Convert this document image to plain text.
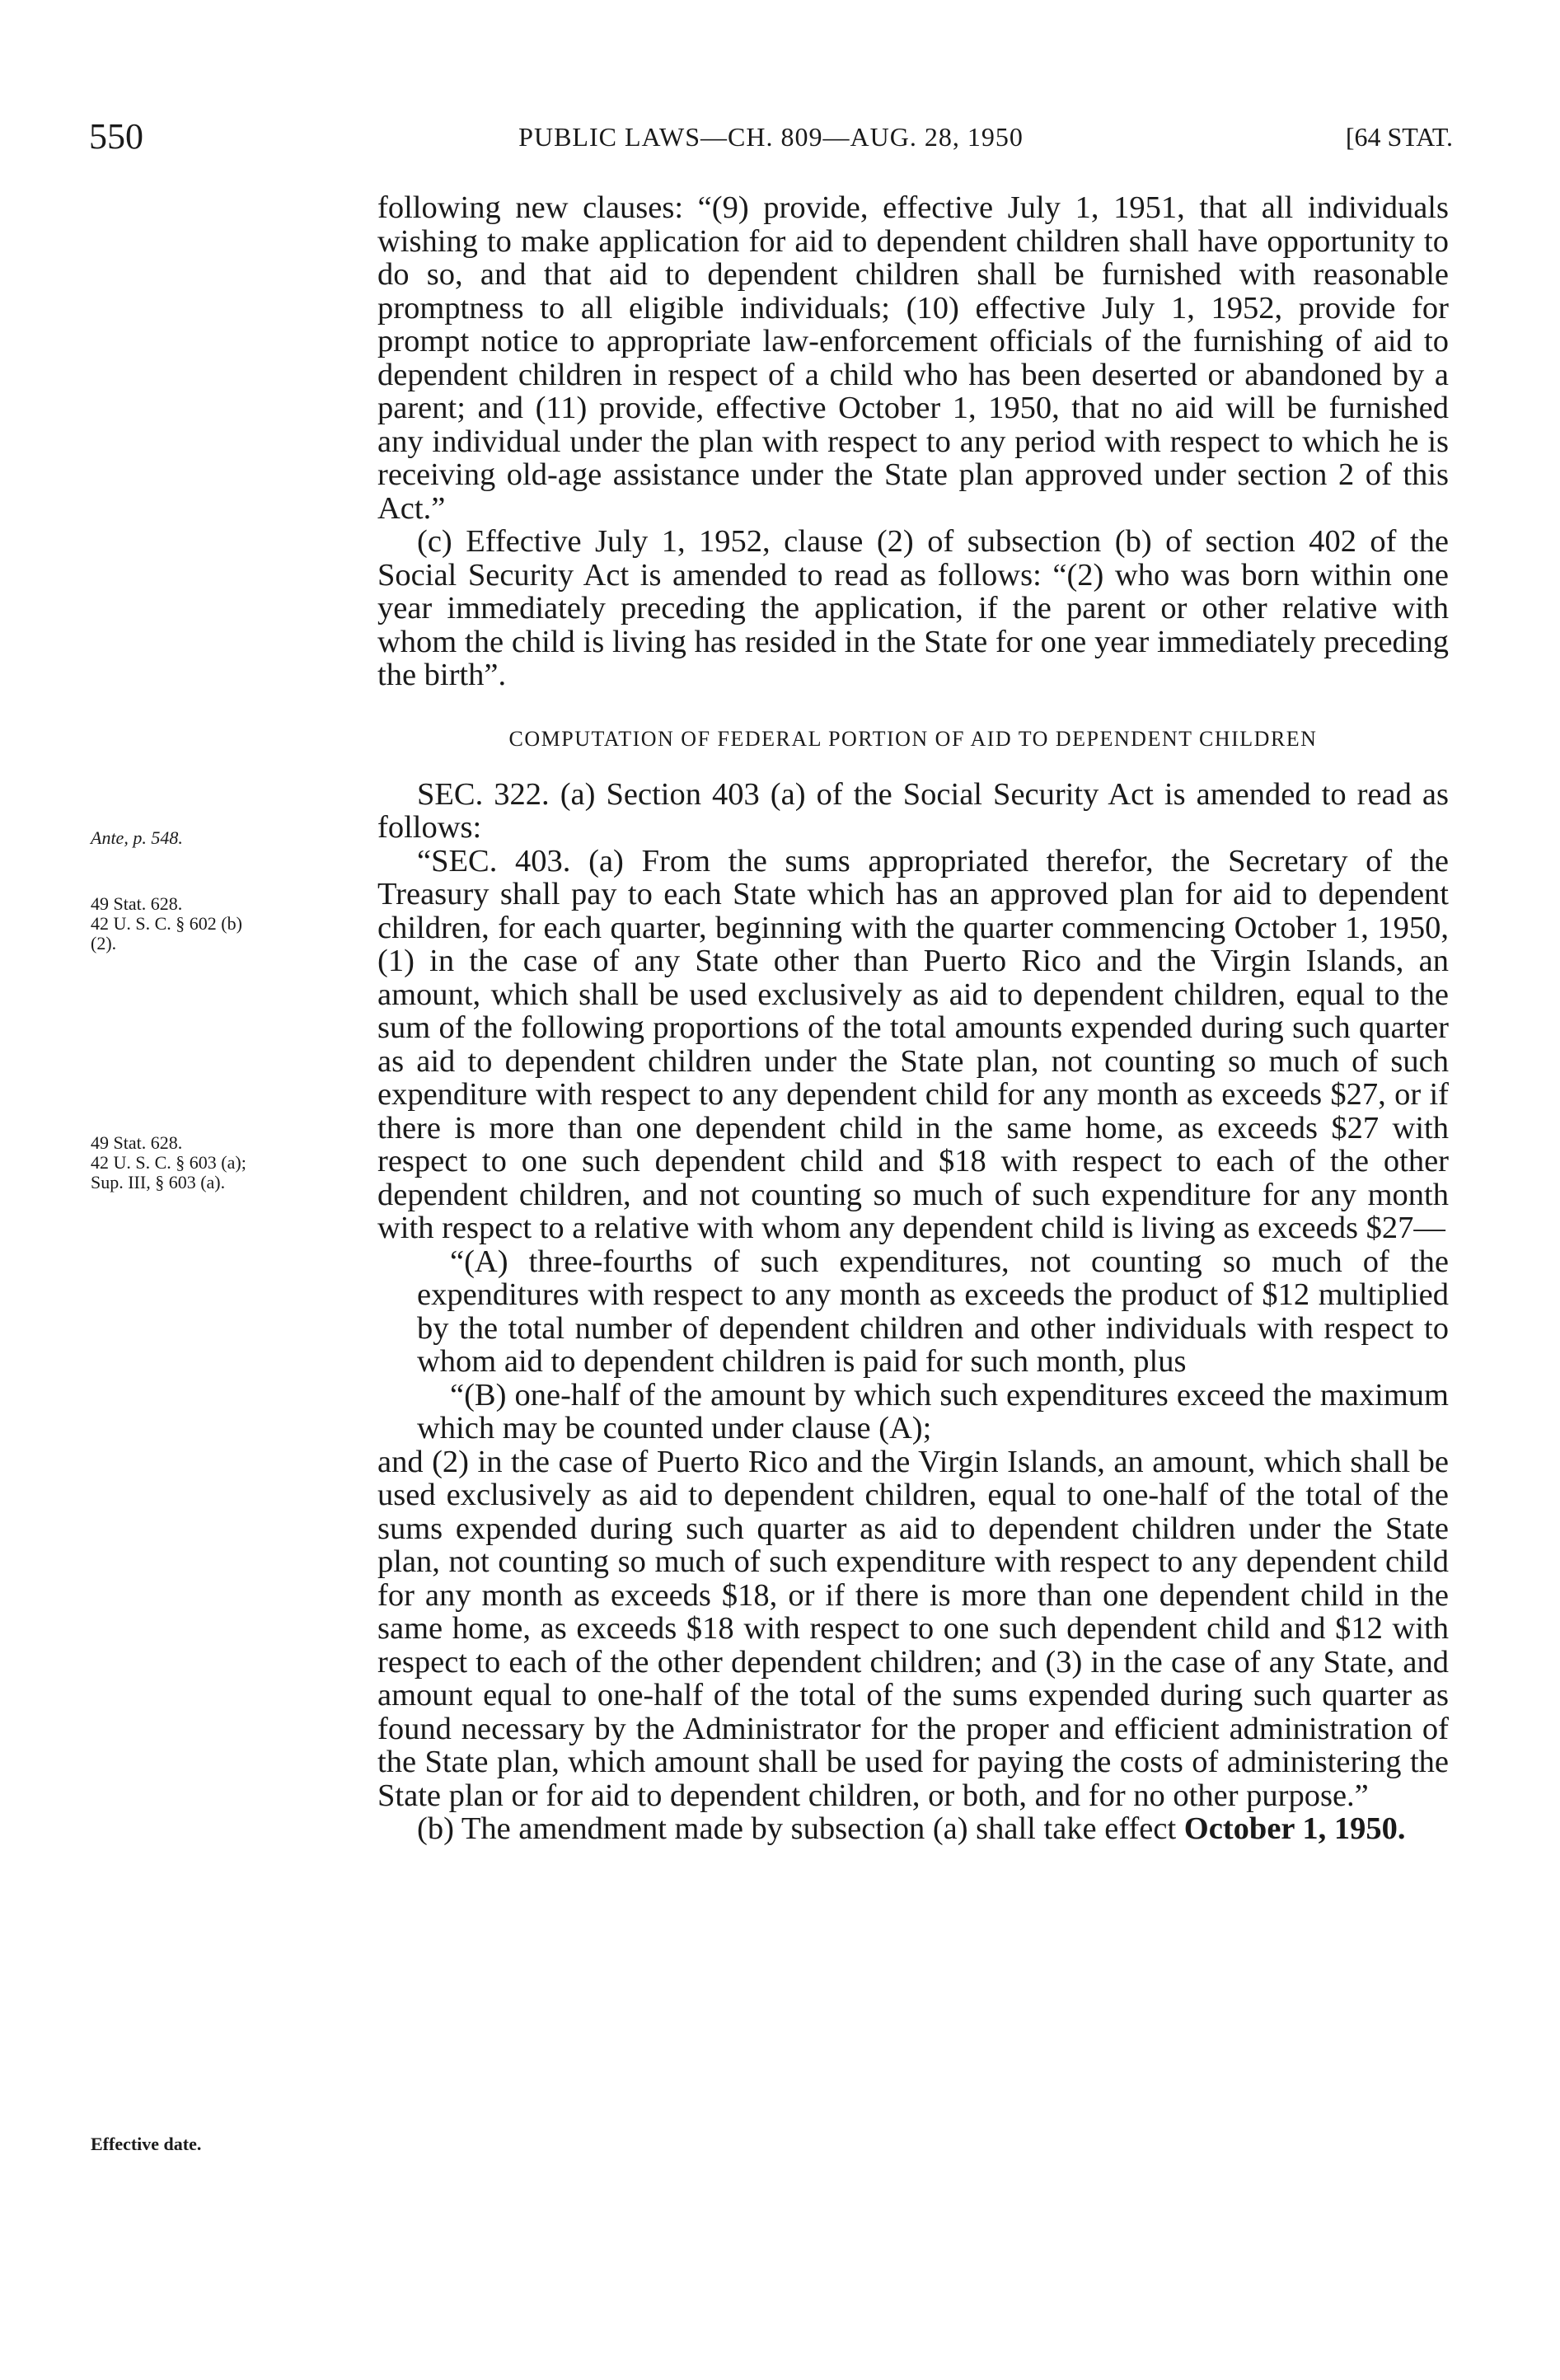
550	PUBLIC LAWS—CH. 809—AUG. 28, 1950	[64 STAT.
Ante, p. 548.
49 Stat. 628.
42 U. S. C. § 602 (b)
(2).
49 Stat. 628.
42 U. S. C. § 603 (a);
Sup. III, § 603 (a).
Effective date.

following new clauses: “(9) provide, effective July 1, 1951, that all individuals wishing to make application for aid to dependent children shall have opportunity to do so, and that aid to dependent children shall be furnished with reasonable promptness to all eligible individuals; (10) effective July 1, 1952, provide for prompt notice to appropriate law-enforcement officials of the furnishing of aid to dependent children in respect of a child who has been deserted or abandoned by a parent; and (11) provide, effective October 1, 1950, that no aid will be furnished any individual under the plan with respect to any period with respect to which he is receiving old-age assistance under the State plan approved under section 2 of this Act.”

(c) Effective July 1, 1952, clause (2) of subsection (b) of section 402 of the Social Security Act is amended to read as follows: “(2) who was born within one year immediately preceding the application, if the parent or other relative with whom the child is living has resided in the State for one year immediately preceding the birth”.

COMPUTATION OF FEDERAL PORTION OF AID TO DEPENDENT CHILDREN

SEC. 322. (a) Section 403 (a) of the Social Security Act is amended to read as follows:

“SEC. 403. (a) From the sums appropriated therefor, the Secretary of the Treasury shall pay to each State which has an approved plan for aid to dependent children, for each quarter, beginning with the quarter commencing October 1, 1950, (1) in the case of any State other than Puerto Rico and the Virgin Islands, an amount, which shall be used exclusively as aid to dependent children, equal to the sum of the following proportions of the total amounts expended during such quarter as aid to dependent children under the State plan, not counting so much of such expenditure with respect to any dependent child for any month as exceeds $27, or if there is more than one dependent child in the same home, as exceeds $27 with respect to one such dependent child and $18 with respect to each of the other dependent children, and not counting so much of such expenditure for any month with respect to a relative with whom any dependent child is living as exceeds $27—

“(A) three-fourths of such expenditures, not counting so much of the expenditures with respect to any month as exceeds the product of $12 multiplied by the total number of dependent children and other individuals with respect to whom aid to dependent children is paid for such month, plus

“(B) one-half of the amount by which such expenditures exceed the maximum which may be counted under clause (A);

and (2) in the case of Puerto Rico and the Virgin Islands, an amount, which shall be used exclusively as aid to dependent children, equal to one-half of the total of the sums expended during such quarter as aid to dependent children under the State plan, not counting so much of such expenditure with respect to any dependent child for any month as exceeds $18, or if there is more than one dependent child in the same home, as exceeds $18 with respect to one such dependent child and $12 with respect to each of the other dependent children; and (3) in the case of any State, and amount equal to one-half of the total of the sums expended during such quarter as found necessary by the Administrator for the proper and efficient administration of the State plan, which amount shall be used for paying the costs of administering the State plan or for aid to dependent children, or both, and for no other purpose.”

(b) The amendment made by subsection (a) shall take effect October 1, 1950.
